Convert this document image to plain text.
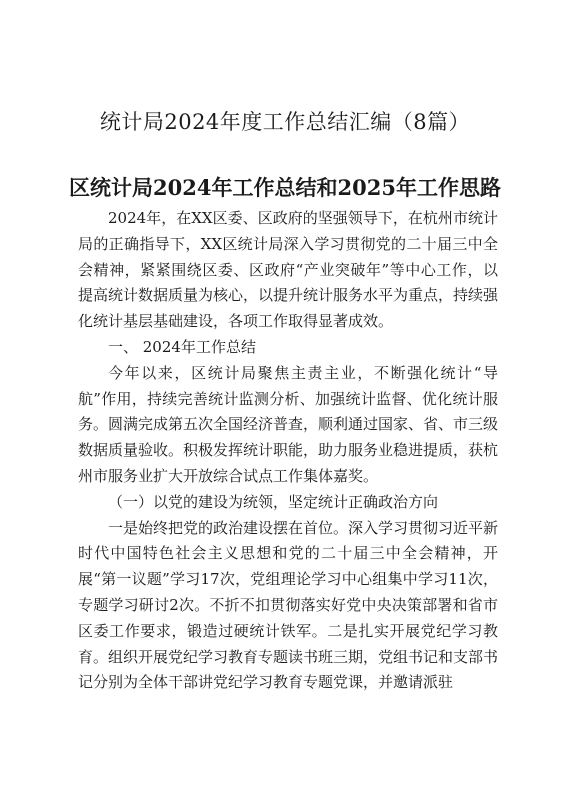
统计局2024年度工作总结汇编（8篇）
区统计局2024年工作总结和2025年工作思路

2024年，在XX区委、区政府的坚强领导下，在杭州市统计局的正确指导下，XX区统计局深入学习贯彻党的二十届三中全会精神，紧紧围绕区委、区政府“产业突破年”等中心工作，以提高统计数据质量为核心，以提升统计服务水平为重点，持续强化统计基层基础建设，各项工作取得显著成效。

一、 2024年工作总结

今年以来，区统计局聚焦主责主业，不断强化统计“导航”作用，持续完善统计监测分析、加强统计监督、优化统计服务。圆满完成第五次全国经济普查，顺利通过国家、省、市三级数据质量验收。积极发挥统计职能，助力服务业稳进提质，获杭州市服务业扩大开放综合试点工作集体嘉奖。

（一）以党的建设为统领，坚定统计正确政治方向

一是始终把党的政治建设摆在首位。深入学习贯彻习近平新时代中国特色社会主义思想和党的二十届三中全会精神，开展“第一议题”学习17次，党组理论学习中心组集中学习11次，专题学习研讨2次。不折不扣贯彻落实好党中央决策部署和省市区委工作要求，锻造过硬统计铁军。二是扎实开展党纪学习教育。组织开展党纪学习教育专题读书班三期，党组书记和支部书记分别为全体干部讲党纪学习教育专题党课，并邀请派驻
